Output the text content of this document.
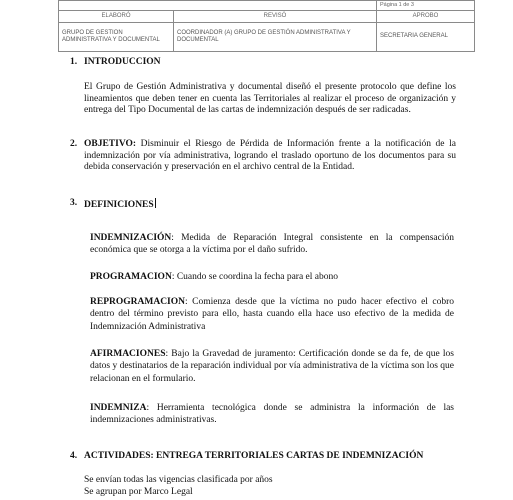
		Página 1 de 3
ELABORÓ	REVISÓ	APROBO
GRUPO DE GESTION ADMINISTRATIVA Y DOCUMENTAL	COORDINADOR (A) GRUPO DE GESTIÓN ADMINISTRATIVA Y DOCUMENTAL	SECRETARIA GENERAL
1. INTRODUCCION

El Grupo de Gestión Administrativa y documental diseñó el presente protocolo que define los lineamientos que deben tener en cuenta las Territoriales al realizar el proceso de organización y entrega del Tipo Documental de las cartas de indemnización después de ser radicadas.

2. OBJETIVO: Disminuir el Riesgo de Pérdida de Información frente a la notificación de la indemnización por vía administrativa, logrando el traslado oportuno de los documentos para su debida conservación y preservación en el archivo central de la Entidad.

3. DEFINICIONES

INDEMNIZACIÓN: Medida de Reparación Integral consistente en la compensación económica que se otorga a la víctima por el daño sufrido.

PROGRAMACION: Cuando se coordina la fecha para el abono

REPROGRAMACION: Comienza desde que la víctima no pudo hacer efectivo el cobro dentro del término previsto para ello, hasta cuando ella hace uso efectivo de la medida de Indemnización Administrativa

AFIRMACIONES: Bajo la Gravedad de juramento: Certificación donde se da fe, de que los datos y destinatarios de la reparación individual por vía administrativa de la víctima son los que relacionan en el formulario.

INDEMNIZA: Herramienta tecnológica donde se administra la información de las indemnizaciones administrativas.

4. ACTIVIDADES: ENTREGA TERRITORIALES CARTAS DE INDEMNIZACIÓN
Se envían todas las vigencias clasificada por años
Se agrupan por Marco Legal
